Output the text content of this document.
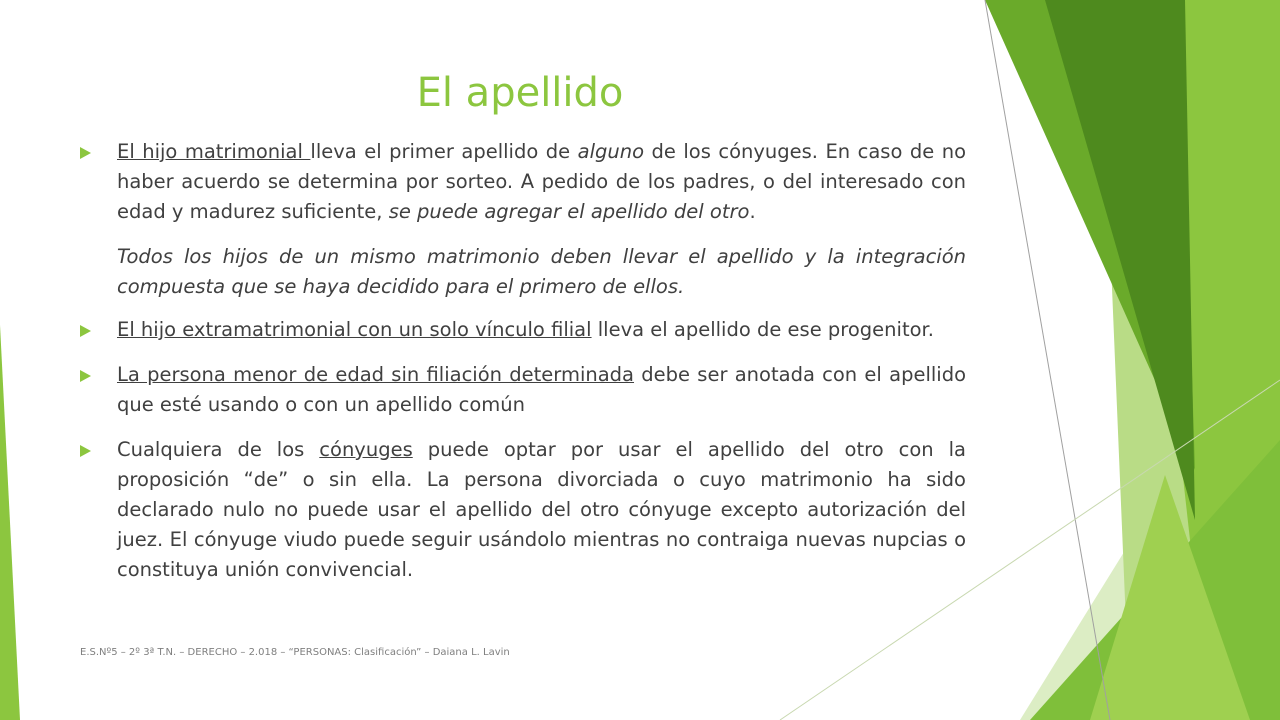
El apellido
El hijo matrimonial lleva el primer apellido de alguno de los cónyuges. En caso de no haber acuerdo se determina por sorteo. A pedido de los padres, o del interesado con edad y madurez suficiente, se puede agregar el apellido del otro.
Todos los hijos de un mismo matrimonio deben llevar el apellido y la integración compuesta que se haya decidido para el primero de ellos.
El hijo extramatrimonial con un solo vínculo filial lleva el apellido de ese progenitor.
La persona menor de edad sin filiación determinada debe ser anotada con el apellido que esté usando o con un apellido común
Cualquiera de los cónyuges puede optar por usar el apellido del otro con la proposición “de” o sin ella. La persona divorciada o cuyo matrimonio ha sido declarado nulo no puede usar el apellido del otro cónyuge excepto autorización del juez. El cónyuge viudo puede seguir usándolo mientras no contraiga nuevas nupcias o constituya unión convivencial.
E.S.Nº5 – 2º 3ª T.N. – DERECHO – 2.018 – “PERSONAS: Clasificación” – Daiana L. Lavin
